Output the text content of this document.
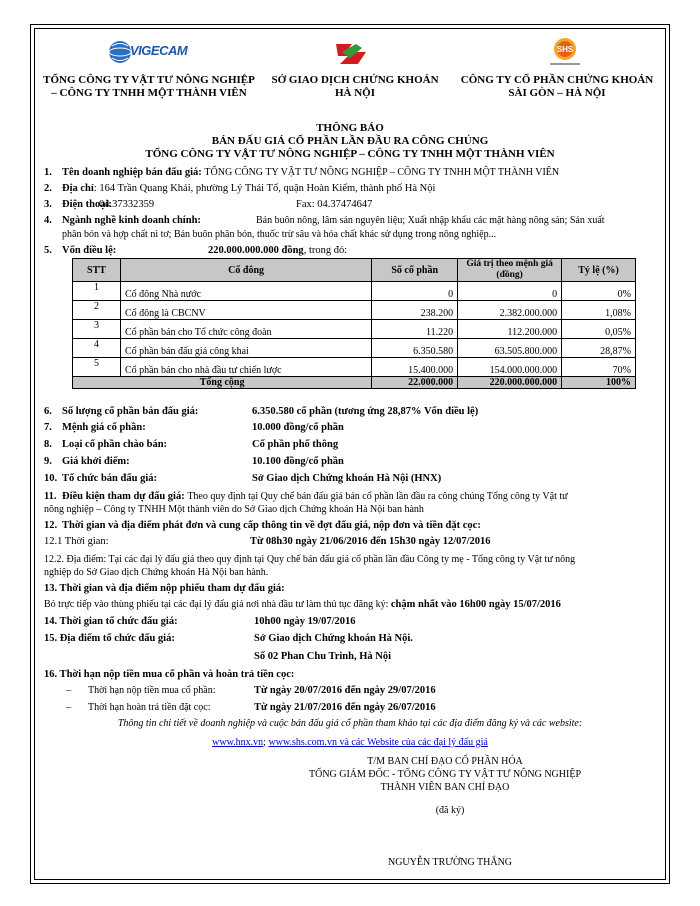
VIGECAM	SHS
TỔNG CÔNG TY VẬT TƯ NÔNG NGHIỆP
– CÔNG TY TNHH MỘT THÀNH VIÊN
SỞ GIAO DỊCH CHỨNG KHOÁN
HÀ NỘI
CÔNG TY CỔ PHẦN CHỨNG KHOÁN
SÀI GÒN – HÀ NỘI
THÔNG BÁO
BÁN ĐẤU GIÁ CỔ PHẦN LẦN ĐẦU RA CÔNG CHÚNG
TỔNG CÔNG TY VẬT TƯ NÔNG NGHIỆP – CÔNG TY TNHH MỘT THÀNH VIÊN
1. Tên doanh nghiệp bán đấu giá: TỔNG CÔNG TY VẬT TƯ NÔNG NGHIỆP – CÔNG TY TNHH MỘT THÀNH VIÊN
2. Địa chỉ: 164 Trần Quang Khải, phường Lý Thái Tổ, quận Hoàn Kiếm, thành phố Hà Nội
3. Điện thoại:
04.37332359	Fax: 04.37474647
4. Ngành nghề kinh doanh chính:	Bán buôn nông, lâm sản nguyên liệu; Xuất nhập khẩu các mặt hàng nông sản; Sản xuất
phân bón và hợp chất ni tơ; Bán buôn phân bón, thuốc trừ sâu và hóa chất khác sử dụng trong nông nghiệp...
5. Vốn điều lệ:	220.000.000.000 đồng, trong đó:
STT	Cổ đông	Số cổ phần	Giá trị theo mệnh giá (đồng)	Tỷ lệ (%)
1	Cổ đông Nhà nước	0	0	0%
2	Cổ đông là CBCNV	238.200	2.382.000.000	1,08%
3	Cổ phần bán cho Tổ chức công đoàn	11.220	112.200.000	0,05%
4	Cổ phần bán đấu giá công khai	6.350.580	63.505.800.000	28,87%
5	Cổ phần bán cho nhà đầu tư chiến lược	15.400.000	154.000.000.000	70%
Tổng cộng		22.000.000	220.000.000.000	100%
6. Số lượng cổ phần bán đấu giá:	6.350.580 cổ phần (tương ứng 28,87% Vốn điều lệ)
7. Mệnh giá cổ phần:	10.000 đồng/cổ phần
8. Loại cổ phần chào bán:	Cổ phần phổ thông
9. Giá khởi điểm:	10.100 đồng/cổ phần
10. Tổ chức bán đấu giá:	Sở Giao dịch Chứng khoán Hà Nội (HNX)
11. Điều kiện tham dự đấu giá: Theo quy định tại Quy chế bán đấu giá bán cổ phần lần đầu ra công chúng Tổng công ty Vật tư
nông nghiệp – Công ty TNHH Một thành viên do Sở Giao dịch Chứng khoán Hà Nội ban hành
12. Thời gian và địa điểm phát đơn và cung cấp thông tin về đợt đấu giá, nộp đơn và tiền đặt cọc:
12.1 Thời gian:	Từ 08h30 ngày 21/06/2016 đến 15h30 ngày 12/07/2016
12.2. Địa điểm: Tại các đại lý đấu giá theo quy định tại Quy chế bán đấu giá cổ phần lần đầu Công ty mẹ - Tổng công ty Vật tư nông
nghiệp do Sở Giao dịch Chứng khoán Hà Nội ban hành.
13. Thời gian và địa điểm nộp phiếu tham dự đấu giá:
Bỏ trực tiếp vào thùng phiếu tại các đại lý đấu giá nơi nhà đầu tư làm thủ tục đăng ký: chậm nhất vào 16h00 ngày 15/07/2016
14. Thời gian tổ chức đấu giá:	10h00 ngày 19/07/2016
15. Địa điểm tổ chức đấu giá:	Sở Giao dịch Chứng khoán Hà Nội.
Số 02 Phan Chu Trinh, Hà Nội
16. Thời hạn nộp tiền mua cổ phần và hoàn trả tiền cọc:
– Thời hạn nộp tiền mua cổ phần:	Từ ngày 20/07/2016 đến ngày 29/07/2016
– Thời hạn hoàn trả tiền đặt cọc:	Từ ngày 21/07/2016 đến ngày 26/07/2016
Thông tin chi tiết về doanh nghiệp và cuộc bán đấu giá cổ phần tham khảo tại các địa điểm đăng ký và các website:
www.hnx.vn; www.shs.com.vn và các Website của các đại lý đấu giá
T/M BAN CHỈ ĐẠO CỔ PHẦN HÓA
TỔNG GIÁM ĐỐC - TỔNG CÔNG TY VẬT TƯ NÔNG NGHIỆP
THÀNH VIÊN BAN CHỈ ĐẠO
(đã ký)
NGUYỄN TRƯỜNG THẮNG
